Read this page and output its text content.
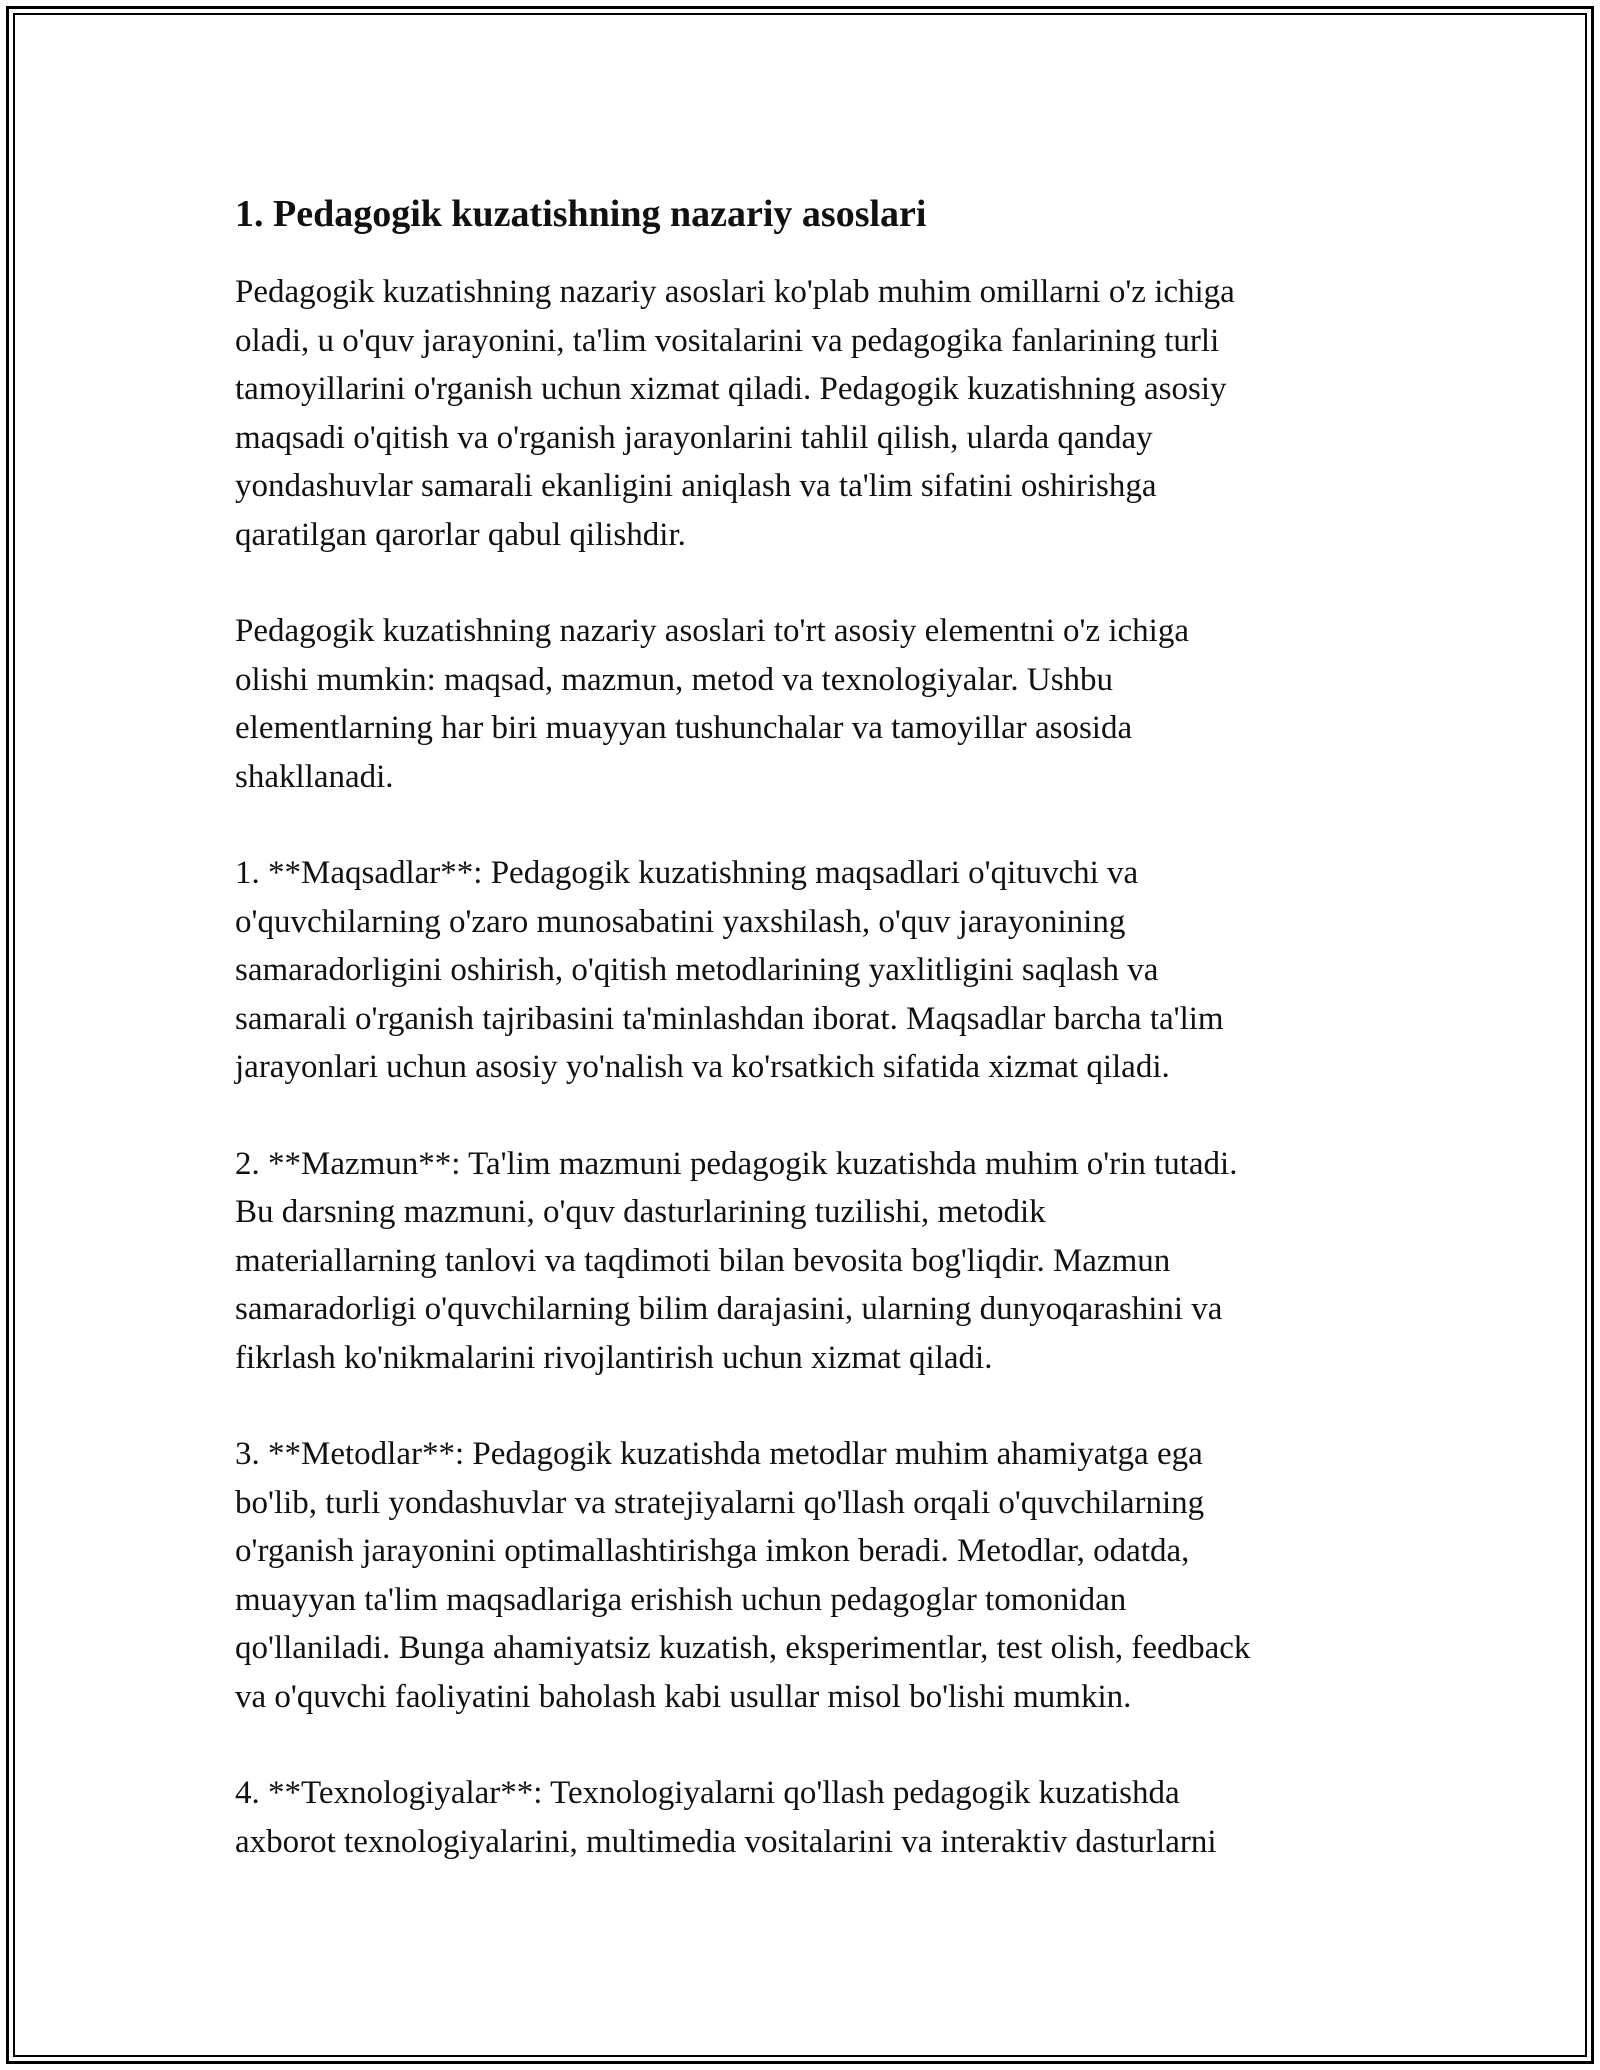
1. Pedagogik kuzatishning nazariy asoslari

Pedagogik kuzatishning nazariy asoslari ko'plab muhim omillarni o'z ichiga
oladi, u o'quv jarayonini, ta'lim vositalarini va pedagogika fanlarining turli
tamoyillarini o'rganish uchun xizmat qiladi. Pedagogik kuzatishning asosiy
maqsadi o'qitish va o'rganish jarayonlarini tahlil qilish, ularda qanday
yondashuvlar samarali ekanligini aniqlash va ta'lim sifatini oshirishga
qaratilgan qarorlar qabul qilishdir.

Pedagogik kuzatishning nazariy asoslari to'rt asosiy elementni o'z ichiga
olishi mumkin: maqsad, mazmun, metod va texnologiyalar. Ushbu
elementlarning har biri muayyan tushunchalar va tamoyillar asosida
shakllanadi.

1. **Maqsadlar**: Pedagogik kuzatishning maqsadlari o'qituvchi va
o'quvchilarning o'zaro munosabatini yaxshilash, o'quv jarayonining
samaradorligini oshirish, o'qitish metodlarining yaxlitligini saqlash va
samarali o'rganish tajribasini ta'minlashdan iborat. Maqsadlar barcha ta'lim
jarayonlari uchun asosiy yo'nalish va ko'rsatkich sifatida xizmat qiladi.

2. **Mazmun**: Ta'lim mazmuni pedagogik kuzatishda muhim o'rin tutadi.
Bu darsning mazmuni, o'quv dasturlarining tuzilishi, metodik
materiallarning tanlovi va taqdimoti bilan bevosita bog'liqdir. Mazmun
samaradorligi o'quvchilarning bilim darajasini, ularning dunyoqarashini va
fikrlash ko'nikmalarini rivojlantirish uchun xizmat qiladi.

3. **Metodlar**: Pedagogik kuzatishda metodlar muhim ahamiyatga ega
bo'lib, turli yondashuvlar va stratejiyalarni qo'llash orqali o'quvchilarning
o'rganish jarayonini optimallashtirishga imkon beradi. Metodlar, odatda,
muayyan ta'lim maqsadlariga erishish uchun pedagoglar tomonidan
qo'llaniladi. Bunga ahamiyatsiz kuzatish, eksperimentlar, test olish, feedback
va o'quvchi faoliyatini baholash kabi usullar misol bo'lishi mumkin.

4. **Texnologiyalar**: Texnologiyalarni qo'llash pedagogik kuzatishda
axborot texnologiyalarini, multimedia vositalarini va interaktiv dasturlarni
